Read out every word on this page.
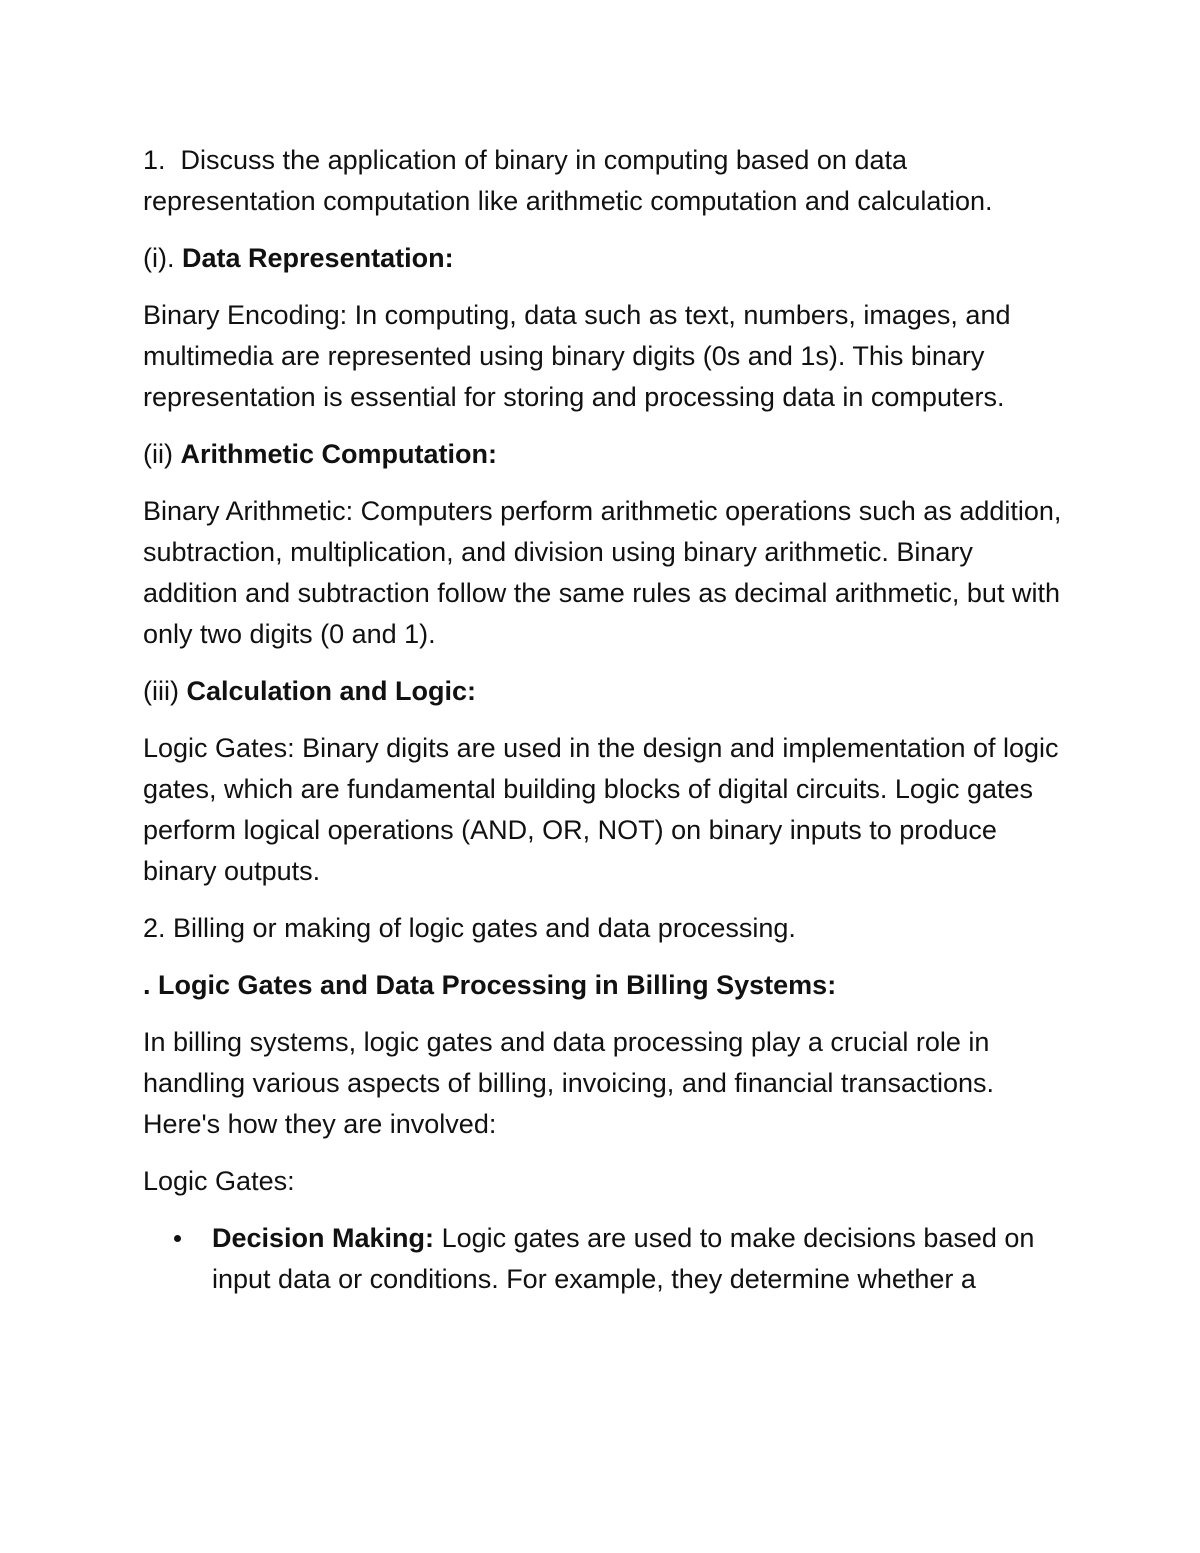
1. Discuss the application of binary in computing based on data representation computation like arithmetic computation and calculation.

(i). Data Representation:

Binary Encoding: In computing, data such as text, numbers, images, and multimedia are represented using binary digits (0s and 1s). This binary representation is essential for storing and processing data in computers.

(ii) Arithmetic Computation:

Binary Arithmetic: Computers perform arithmetic operations such as addition, subtraction, multiplication, and division using binary arithmetic. Binary addition and subtraction follow the same rules as decimal arithmetic, but with only two digits (0 and 1).

(iii) Calculation and Logic:

Logic Gates: Binary digits are used in the design and implementation of logic gates, which are fundamental building blocks of digital circuits. Logic gates perform logical operations (AND, OR, NOT) on binary inputs to produce binary outputs.

2. Billing or making of logic gates and data processing.

. Logic Gates and Data Processing in Billing Systems:

In billing systems, logic gates and data processing play a crucial role in handling various aspects of billing, invoicing, and financial transactions. Here's how they are involved:

Logic Gates:

Decision Making: Logic gates are used to make decisions based on input data or conditions. For example, they determine whether a
